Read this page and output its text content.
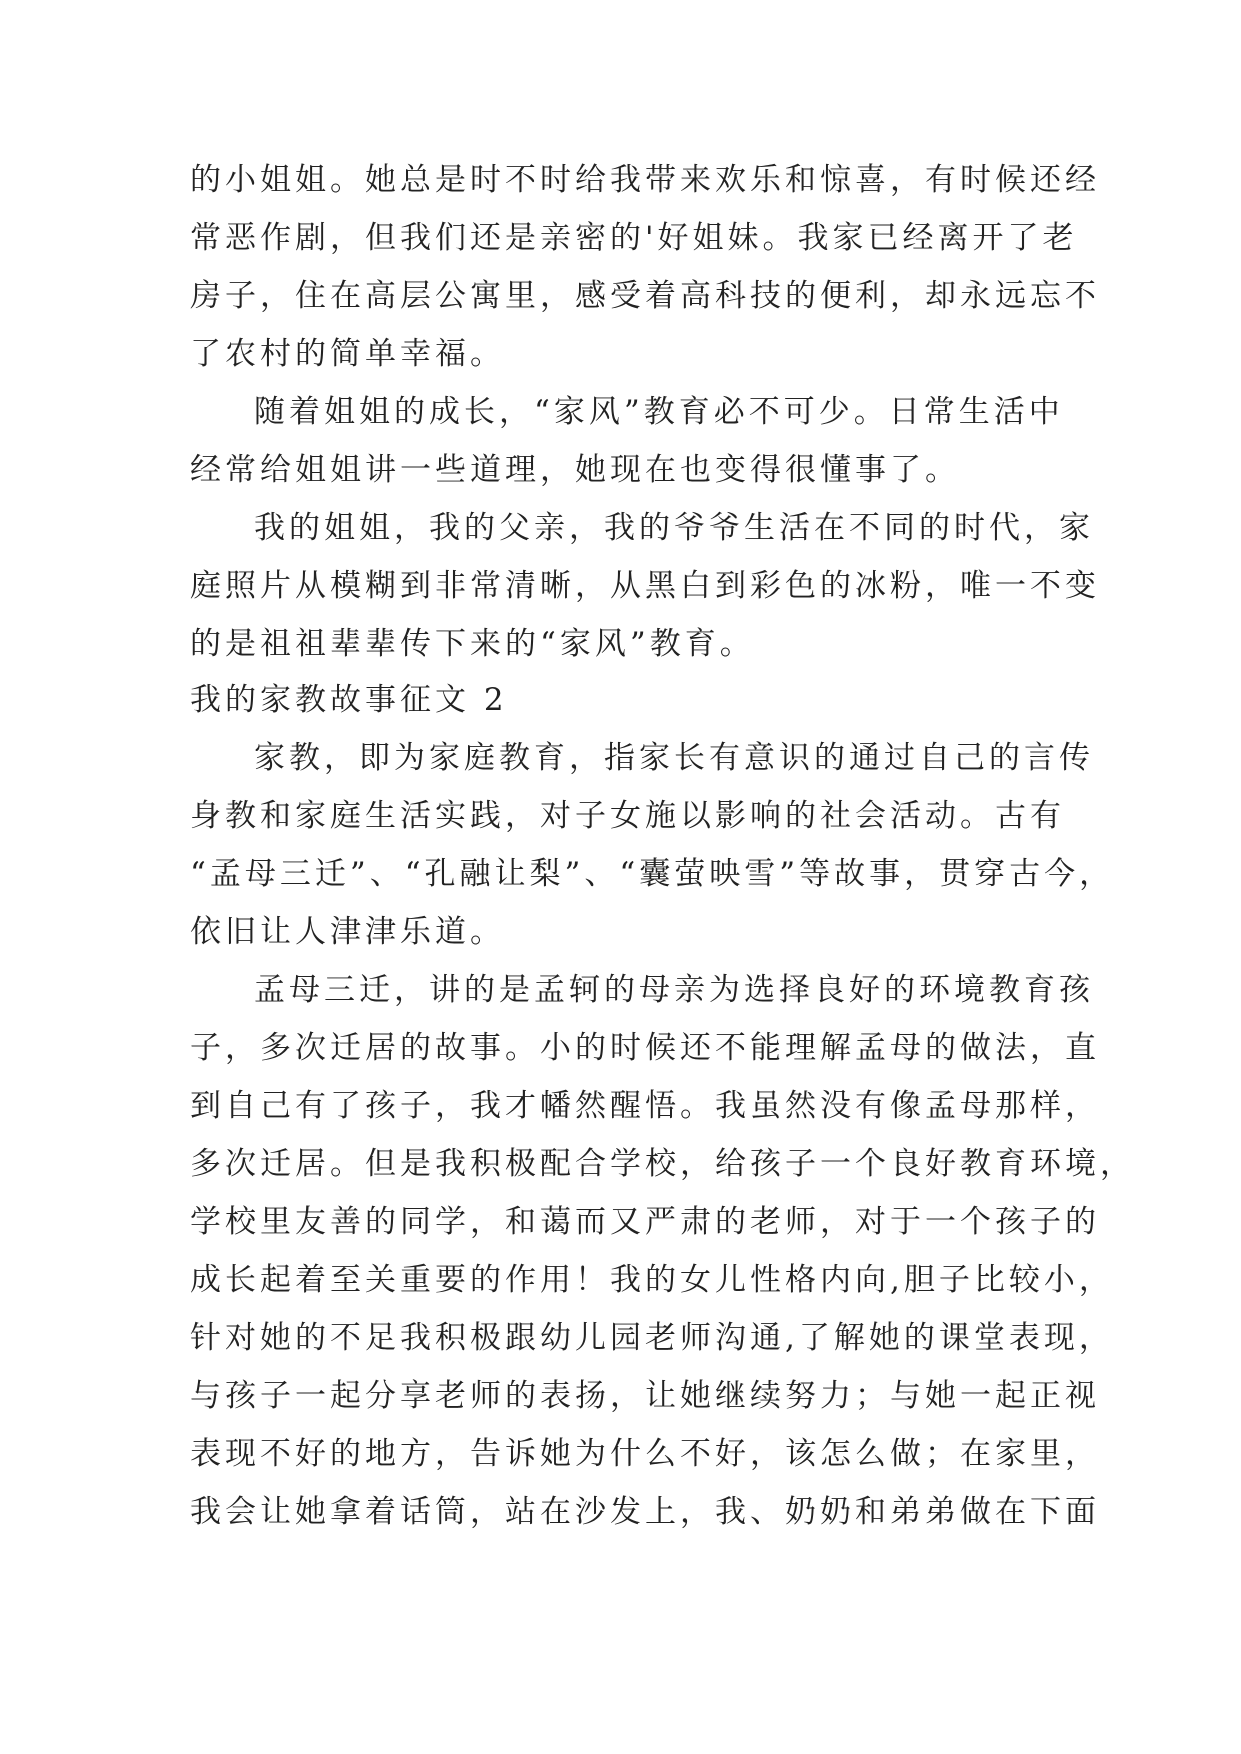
的小姐姐。她总是时不时给我带来欢乐和惊喜，有时候还经
常恶作剧，但我们还是亲密的'好姐妹。我家已经离开了老
房子，住在高层公寓里，感受着高科技的便利，却永远忘不
了农村的简单幸福。
随着姐姐的成长，“家风”教育必不可少。日常生活中
经常给姐姐讲一些道理，她现在也变得很懂事了。
我的姐姐，我的父亲，我的爷爷生活在不同的时代，家
庭照片从模糊到非常清晰，从黑白到彩色的冰粉，唯一不变
的是祖祖辈辈传下来的“家风”教育。
我的家教故事征文 2
家教，即为家庭教育，指家长有意识的通过自己的言传
身教和家庭生活实践，对子女施以影响的社会活动。古有
“孟母三迁”、“孔融让梨”、“囊萤映雪”等故事，贯穿古今，
依旧让人津津乐道。
孟母三迁，讲的是孟轲的母亲为选择良好的环境教育孩
子，多次迁居的故事。小的时候还不能理解孟母的做法，直
到自己有了孩子，我才幡然醒悟。我虽然没有像孟母那样，
多次迁居。但是我积极配合学校，给孩子一个良好教育环境，
学校里友善的同学，和蔼而又严肃的老师，对于一个孩子的
成长起着至关重要的作用！我的女儿性格内向,胆子比较小，
针对她的不足我积极跟幼儿园老师沟通,了解她的课堂表现，
与孩子一起分享老师的表扬，让她继续努力；与她一起正视
表现不好的地方，告诉她为什么不好，该怎么做；在家里，
我会让她拿着话筒，站在沙发上，我、奶奶和弟弟做在下面
